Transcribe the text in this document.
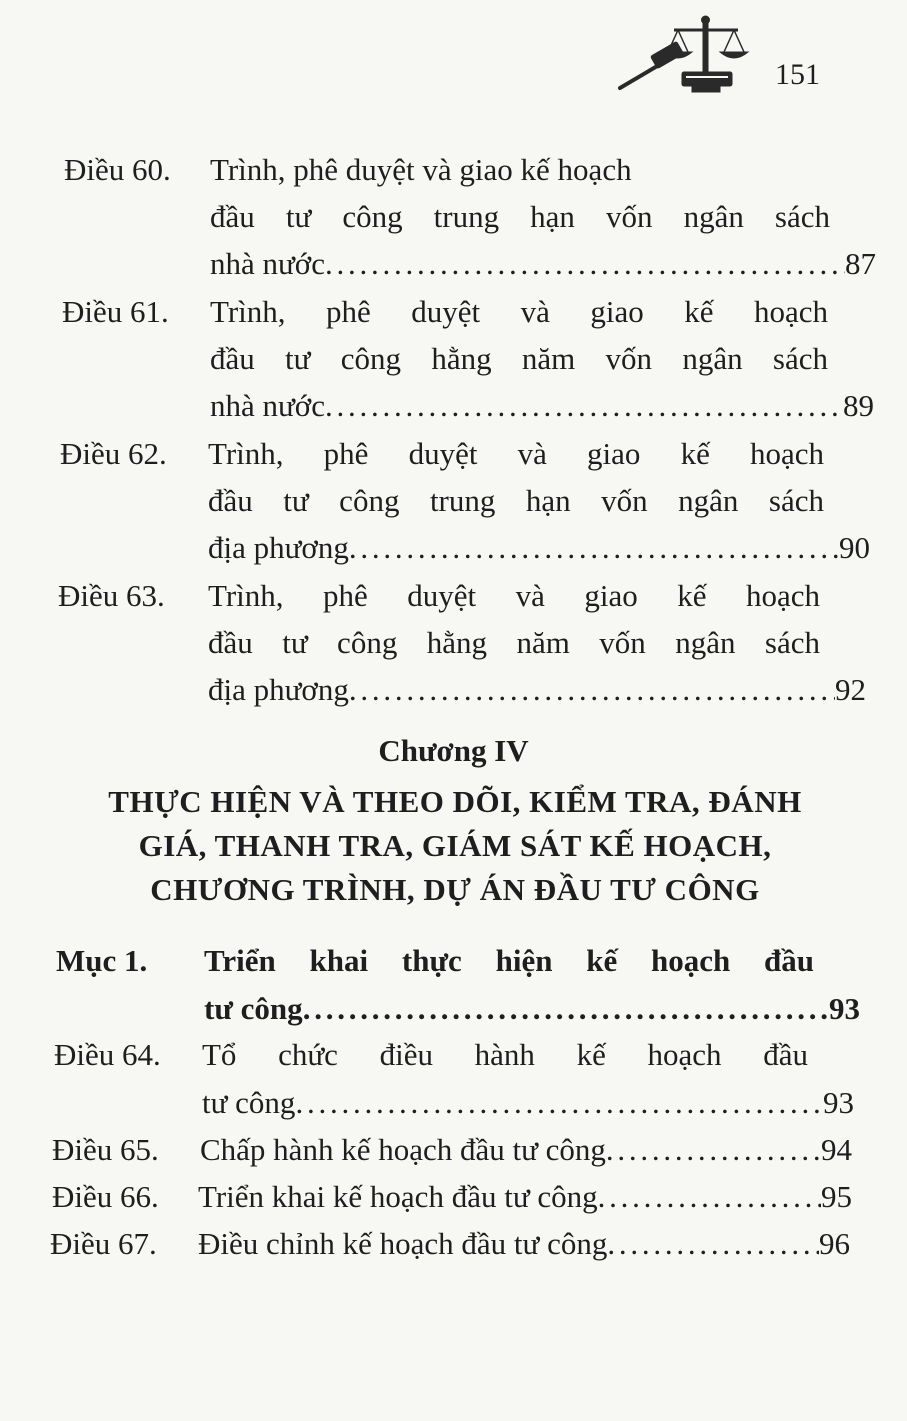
151
Điều 60. Trình, phê duyệt và giao kế hoạch
đầu tư công trung hạn vốn ngân sách
nhà nước . . .	87
Điều 61. Trình, phê duyệt và giao kế hoạch
đầu tư công hằng năm vốn ngân sách
nhà nước . . .	89
Điều 62. Trình, phê duyệt và giao kế hoạch
đầu tư công trung hạn vốn ngân sách
địa phương . . .	90
Điều 63. Trình, phê duyệt và giao kế hoạch
đầu tư công hằng năm vốn ngân sách
địa phương . . .	92
Chương IV
THỰC HIỆN VÀ THEO DÕI, KIỂM TRA, ĐÁNH
GIÁ, THANH TRA, GIÁM SÁT KẾ HOẠCH,
CHƯƠNG TRÌNH, DỰ ÁN ĐẦU TƯ CÔNG
Mục 1. Triển khai thực hiện kế hoạch đầu
tư công . . .	93
Điều 64. Tổ chức điều hành kế hoạch đầu
tư công . . .	93
Điều 65. Chấp hành kế hoạch đầu tư công . . .	94
Điều 66. Triển khai kế hoạch đầu tư công . . .	95
Điều 67. Điều chỉnh kế hoạch đầu tư công . . .	96
